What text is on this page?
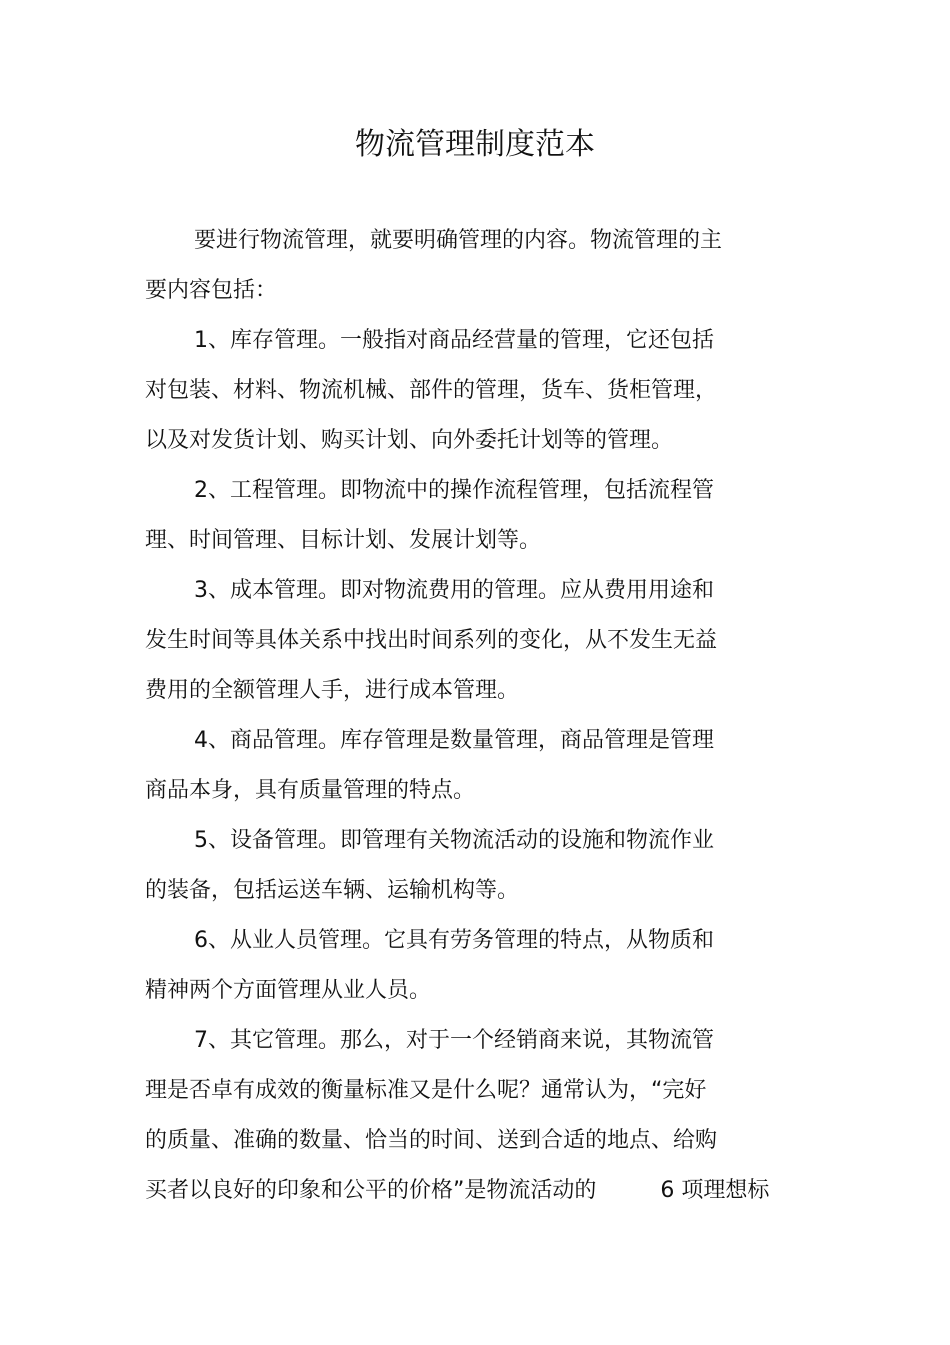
物流管理制度范本
要进行物流管理，就要明确管理的内容。物流管理的主
要内容包括：
1、库存管理。一般指对商品经营量的管理，它还包括
对包装、材料、物流机械、部件的管理，货车、货柜管理，
以及对发货计划、购买计划、向外委托计划等的管理。
2、工程管理。即物流中的操作流程管理，包括流程管
理、时间管理、目标计划、发展计划等。
3、成本管理。即对物流费用的管理。应从费用用途和
发生时间等具体关系中找出时间系列的变化，从不发生无益
费用的全额管理人手，进行成本管理。
4、商品管理。库存管理是数量管理，商品管理是管理
商品本身，具有质量管理的特点。
5、设备管理。即管理有关物流活动的设施和物流作业
的装备，包括运送车辆、运输机构等。
6、从业人员管理。它具有劳务管理的特点，从物质和
精神两个方面管理从业人员。
7、其它管理。那么，对于一个经销商来说，其物流管
理是否卓有成效的衡量标准又是什么呢？通常认为，“完好
的质量、准确的数量、恰当的时间、送到合适的地点、给购
买者以良好的印象和公平的价格”是物流活动的	6 项理想标
